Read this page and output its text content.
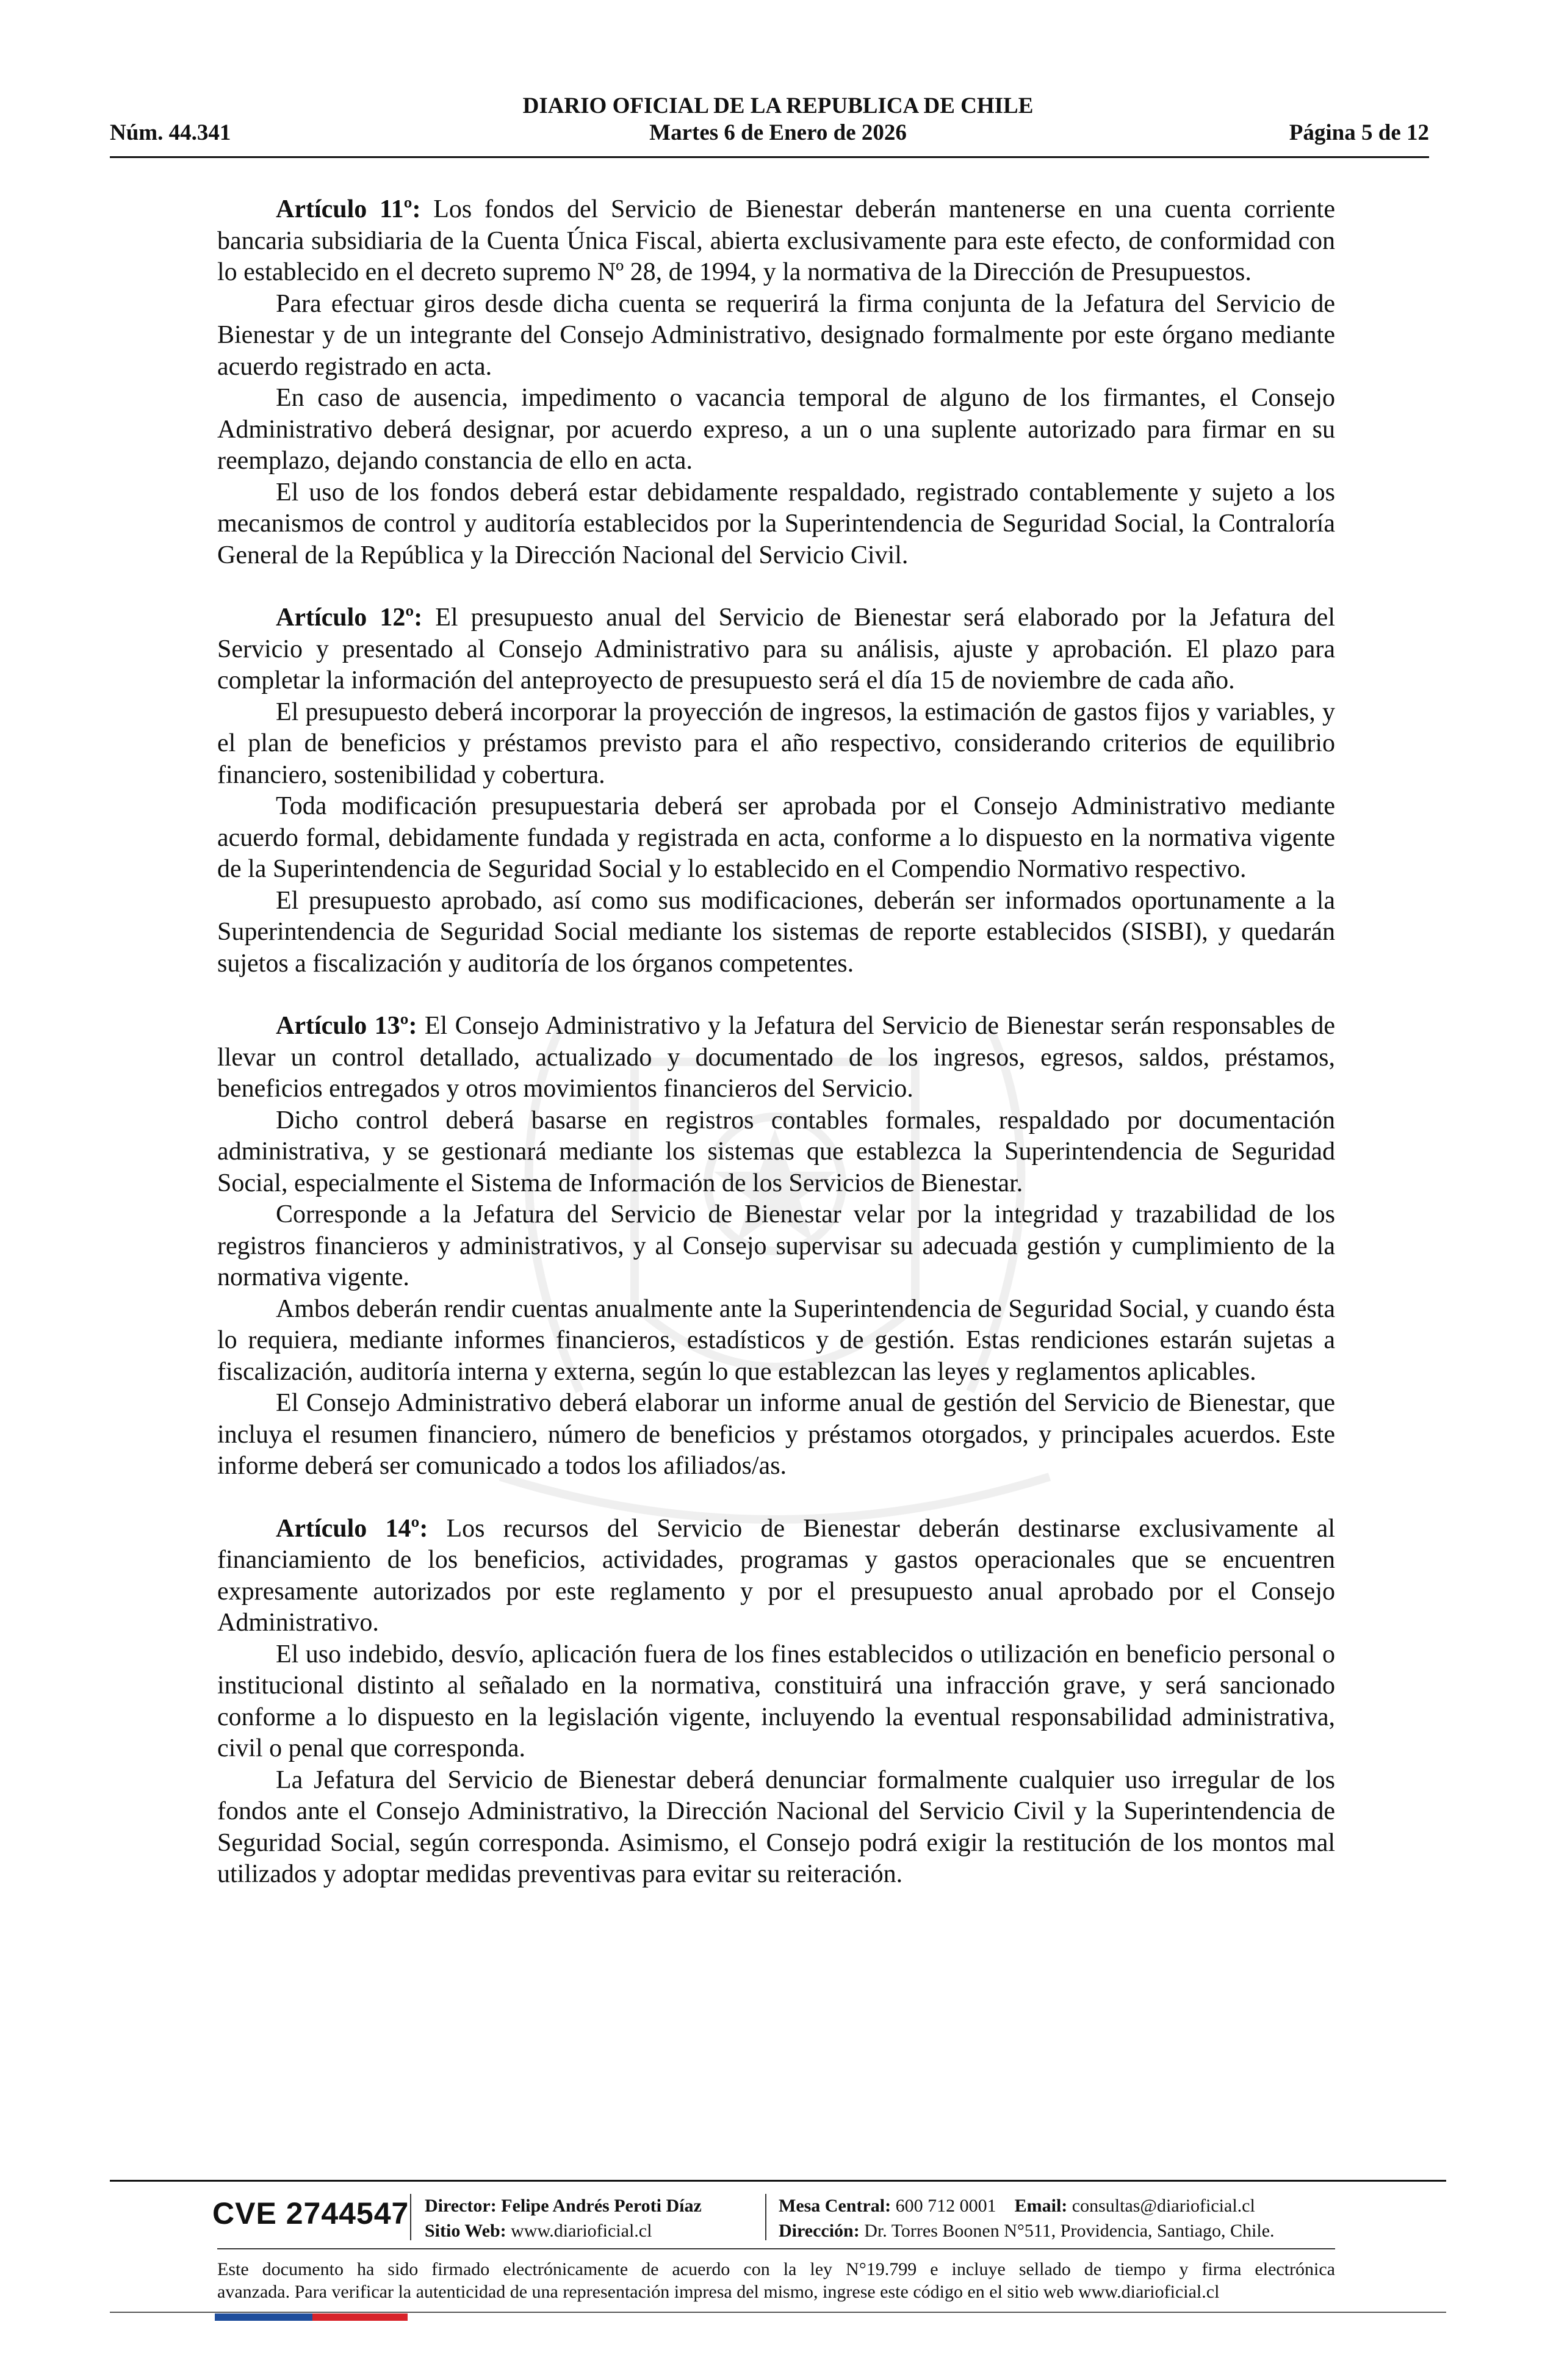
DIARIO OFICIAL DE LA REPUBLICA DE CHILE
Martes 6 de Enero de 2026
Núm. 44.341	Página 5 de 12

Artículo 11º: Los fondos del Servicio de Bienestar deberán mantenerse en una cuenta corriente bancaria subsidiaria de la Cuenta Única Fiscal, abierta exclusivamente para este efecto, de conformidad con lo establecido en el decreto supremo Nº 28, de 1994, y la normativa de la Dirección de Presupuestos.

Para efectuar giros desde dicha cuenta se requerirá la firma conjunta de la Jefatura del Servicio de Bienestar y de un integrante del Consejo Administrativo, designado formalmente por este órgano mediante acuerdo registrado en acta.

En caso de ausencia, impedimento o vacancia temporal de alguno de los firmantes, el Consejo Administrativo deberá designar, por acuerdo expreso, a un o una suplente autorizado para firmar en su reemplazo, dejando constancia de ello en acta.

El uso de los fondos deberá estar debidamente respaldado, registrado contablemente y sujeto a los mecanismos de control y auditoría establecidos por la Superintendencia de Seguridad Social, la Contraloría General de la República y la Dirección Nacional del Servicio Civil.

Artículo 12º: El presupuesto anual del Servicio de Bienestar será elaborado por la Jefatura del Servicio y presentado al Consejo Administrativo para su análisis, ajuste y aprobación. El plazo para completar la información del anteproyecto de presupuesto será el día 15 de noviembre de cada año.

El presupuesto deberá incorporar la proyección de ingresos, la estimación de gastos fijos y variables, y el plan de beneficios y préstamos previsto para el año respectivo, considerando criterios de equilibrio financiero, sostenibilidad y cobertura.

Toda modificación presupuestaria deberá ser aprobada por el Consejo Administrativo mediante acuerdo formal, debidamente fundada y registrada en acta, conforme a lo dispuesto en la normativa vigente de la Superintendencia de Seguridad Social y lo establecido en el Compendio Normativo respectivo.

El presupuesto aprobado, así como sus modificaciones, deberán ser informados oportunamente a la Superintendencia de Seguridad Social mediante los sistemas de reporte establecidos (SISBI), y quedarán sujetos a fiscalización y auditoría de los órganos competentes.

Artículo 13º: El Consejo Administrativo y la Jefatura del Servicio de Bienestar serán responsables de llevar un control detallado, actualizado y documentado de los ingresos, egresos, saldos, préstamos, beneficios entregados y otros movimientos financieros del Servicio.

Dicho control deberá basarse en registros contables formales, respaldado por documentación administrativa, y se gestionará mediante los sistemas que establezca la Superintendencia de Seguridad Social, especialmente el Sistema de Información de los Servicios de Bienestar.

Corresponde a la Jefatura del Servicio de Bienestar velar por la integridad y trazabilidad de los registros financieros y administrativos, y al Consejo supervisar su adecuada gestión y cumplimiento de la normativa vigente.

Ambos deberán rendir cuentas anualmente ante la Superintendencia de Seguridad Social, y cuando ésta lo requiera, mediante informes financieros, estadísticos y de gestión. Estas rendiciones estarán sujetas a fiscalización, auditoría interna y externa, según lo que establezcan las leyes y reglamentos aplicables.

El Consejo Administrativo deberá elaborar un informe anual de gestión del Servicio de Bienestar, que incluya el resumen financiero, número de beneficios y préstamos otorgados, y principales acuerdos. Este informe deberá ser comunicado a todos los afiliados/as.

Artículo 14º: Los recursos del Servicio de Bienestar deberán destinarse exclusivamente al financiamiento de los beneficios, actividades, programas y gastos operacionales que se encuentren expresamente autorizados por este reglamento y por el presupuesto anual aprobado por el Consejo Administrativo.

El uso indebido, desvío, aplicación fuera de los fines establecidos o utilización en beneficio personal o institucional distinto al señalado en la normativa, constituirá una infracción grave, y será sancionado conforme a lo dispuesto en la legislación vigente, incluyendo la eventual responsabilidad administrativa, civil o penal que corresponda.

La Jefatura del Servicio de Bienestar deberá denunciar formalmente cualquier uso irregular de los fondos ante el Consejo Administrativo, la Dirección Nacional del Servicio Civil y la Superintendencia de Seguridad Social, según corresponda. Asimismo, el Consejo podrá exigir la restitución de los montos mal utilizados y adoptar medidas preventivas para evitar su reiteración.

CVE 2744547 Director: Felipe Andrés Peroti Díaz
Sitio Web: www.diarioficial.cl
Mesa Central: 600 712 0001 Email: consultas@diarioficial.cl
Dirección: Dr. Torres Boonen N°511, Providencia, Santiago, Chile.
Este documento ha sido firmado electrónicamente de acuerdo con la ley N°19.799 e incluye sellado de tiempo y firma electrónica
avanzada. Para verificar la autenticidad de una representación impresa del mismo, ingrese este código en el sitio web www.diarioficial.cl
